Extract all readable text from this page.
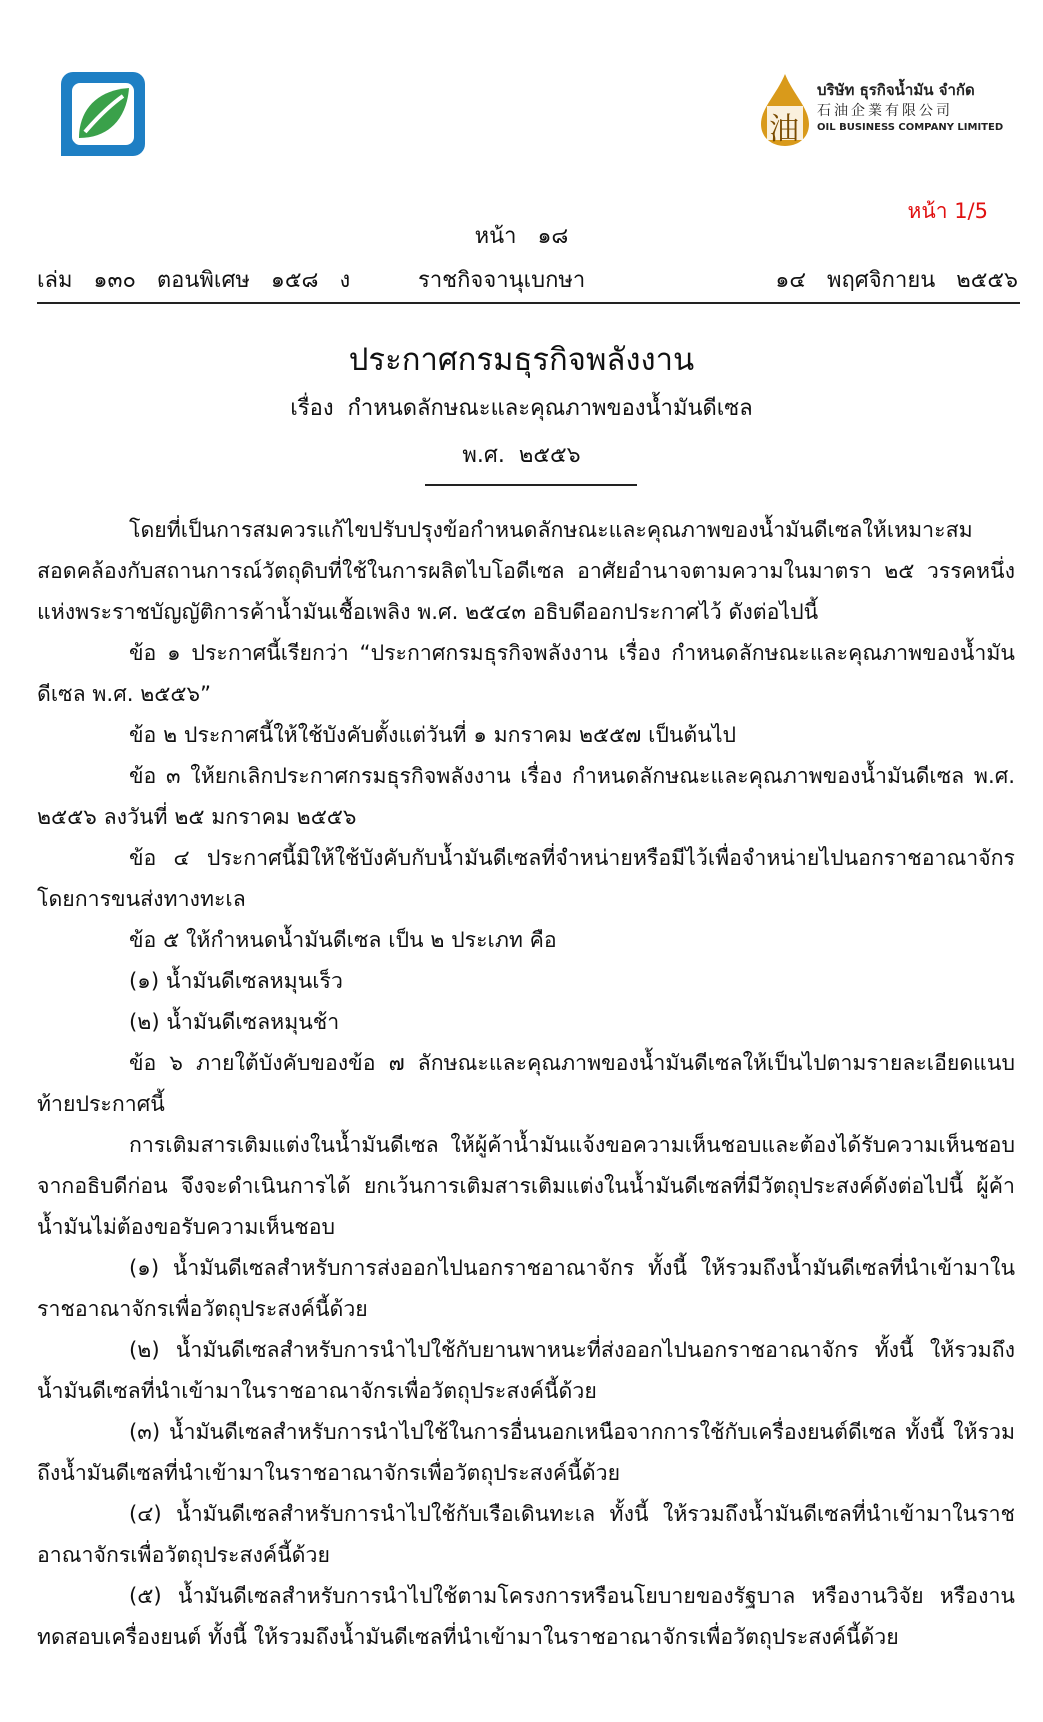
油
บริษัท ธุรกิจน้ำมัน จำกัด
石油企業有限公司
OIL BUSINESS COMPANY LIMITED
หน้า 1/5
หน้า   ๑๘
เล่ม   ๑๓๐   ตอนพิเศษ   ๑๕๘   ง	ราชกิจจานุเบกษา	๑๔   พฤศจิกายน   ๒๕๕๖
ประกาศกรมธุรกิจพลังงาน
เรื่อง  กำหนดลักษณะและคุณภาพของน้ำมันดีเซล
พ.ศ.  ๒๕๕๖

โดยที่เป็นการสมควรแก้ไขปรับปรุงข้อกำหนดลักษณะและคุณภาพของน้ำมันดีเซลให้เหมาะสมสอดคล้องกับสถานการณ์วัตถุดิบที่ใช้ในการผลิตไบโอดีเซล อาศัยอำนาจตามความในมาตรา ๒๕ วรรคหนึ่ง แห่งพระราชบัญญัติการค้าน้ำมันเชื้อเพลิง พ.ศ. ๒๕๔๓ อธิบดีออกประกาศไว้ ดังต่อไปนี้

ข้อ ๑ ประกาศนี้เรียกว่า “ประกาศกรมธุรกิจพลังงาน เรื่อง กำหนดลักษณะและคุณภาพของน้ำมันดีเซล พ.ศ. ๒๕๕๖”

ข้อ ๒ ประกาศนี้ให้ใช้บังคับตั้งแต่วันที่ ๑ มกราคม ๒๕๕๗ เป็นต้นไป

ข้อ ๓ ให้ยกเลิกประกาศกรมธุรกิจพลังงาน เรื่อง กำหนดลักษณะและคุณภาพของน้ำมันดีเซล พ.ศ. ๒๕๕๖ ลงวันที่ ๒๕ มกราคม ๒๕๕๖

ข้อ ๔ ประกาศนี้มิให้ใช้บังคับกับน้ำมันดีเซลที่จำหน่ายหรือมีไว้เพื่อจำหน่ายไปนอกราชอาณาจักรโดยการขนส่งทางทะเล

ข้อ ๕ ให้กำหนดน้ำมันดีเซล เป็น ๒ ประเภท คือ

(๑) น้ำมันดีเซลหมุนเร็ว

(๒) น้ำมันดีเซลหมุนช้า

ข้อ ๖ ภายใต้บังคับของข้อ ๗ ลักษณะและคุณภาพของน้ำมันดีเซลให้เป็นไปตามรายละเอียดแนบท้ายประกาศนี้

การเติมสารเติมแต่งในน้ำมันดีเซล ให้ผู้ค้าน้ำมันแจ้งขอความเห็นชอบและต้องได้รับความเห็นชอบจากอธิบดีก่อน จึงจะดำเนินการได้ ยกเว้นการเติมสารเติมแต่งในน้ำมันดีเซลที่มีวัตถุประสงค์ดังต่อไปนี้ ผู้ค้าน้ำมันไม่ต้องขอรับความเห็นชอบ

(๑) น้ำมันดีเซลสำหรับการส่งออกไปนอกราชอาณาจักร ทั้งนี้ ให้รวมถึงน้ำมันดีเซลที่นำเข้ามาในราชอาณาจักรเพื่อวัตถุประสงค์นี้ด้วย

(๒) น้ำมันดีเซลสำหรับการนำไปใช้กับยานพาหนะที่ส่งออกไปนอกราชอาณาจักร ทั้งนี้ ให้รวมถึงน้ำมันดีเซลที่นำเข้ามาในราชอาณาจักรเพื่อวัตถุประสงค์นี้ด้วย

(๓) น้ำมันดีเซลสำหรับการนำไปใช้ในการอื่นนอกเหนือจากการใช้กับเครื่องยนต์ดีเซล ทั้งนี้ ให้รวมถึงน้ำมันดีเซลที่นำเข้ามาในราชอาณาจักรเพื่อวัตถุประสงค์นี้ด้วย

(๔) น้ำมันดีเซลสำหรับการนำไปใช้กับเรือเดินทะเล ทั้งนี้ ให้รวมถึงน้ำมันดีเซลที่นำเข้ามาในราชอาณาจักรเพื่อวัตถุประสงค์นี้ด้วย

(๕) น้ำมันดีเซลสำหรับการนำไปใช้ตามโครงการหรือนโยบายของรัฐบาล หรืองานวิจัย หรืองานทดสอบเครื่องยนต์ ทั้งนี้ ให้รวมถึงน้ำมันดีเซลที่นำเข้ามาในราชอาณาจักรเพื่อวัตถุประสงค์นี้ด้วย
